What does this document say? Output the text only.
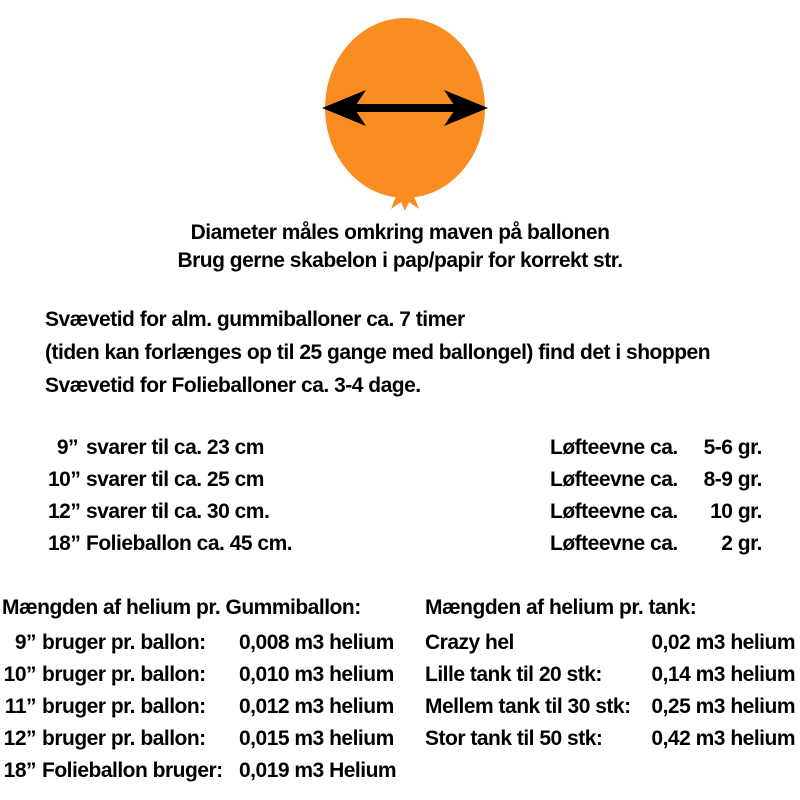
Diameter måles omkring maven på ballonen
Brug gerne skabelon i pap/papir for korrekt str.
Svævetid for alm. gummiballoner ca. 7 timer
(tiden kan forlænges op til 25 gange med ballongel) find det i shoppen
Svævetid for Folieballoner ca. 3-4 dage.
9” svarer til ca. 23 cm	Løfteevne ca. 5-6 gr.
10” svarer til ca. 25 cm	Løfteevne ca. 8-9 gr.
12” svarer til ca. 30 cm.	Løfteevne ca. 10 gr.
18” Folieballon ca. 45 cm.	Løfteevne ca. 2 gr.
Mængden af helium pr. Gummiballon:
9” bruger pr. ballon:	0,008 m3 helium
10” bruger pr. ballon:	0,010 m3 helium
11” bruger pr. ballon:	0,012 m3 helium
12” bruger pr. ballon:	0,015 m3 helium
18” Folieballon bruger: 0,019 m3 Helium
Mængden af helium pr. tank:
Crazy hel	0,02 m3 helium
Lille tank til 20 stk: 0,14 m3 helium
Mellem tank til 30 stk: 0,25 m3 helium
Stor tank til 50 stk: 0,42 m3 helium
